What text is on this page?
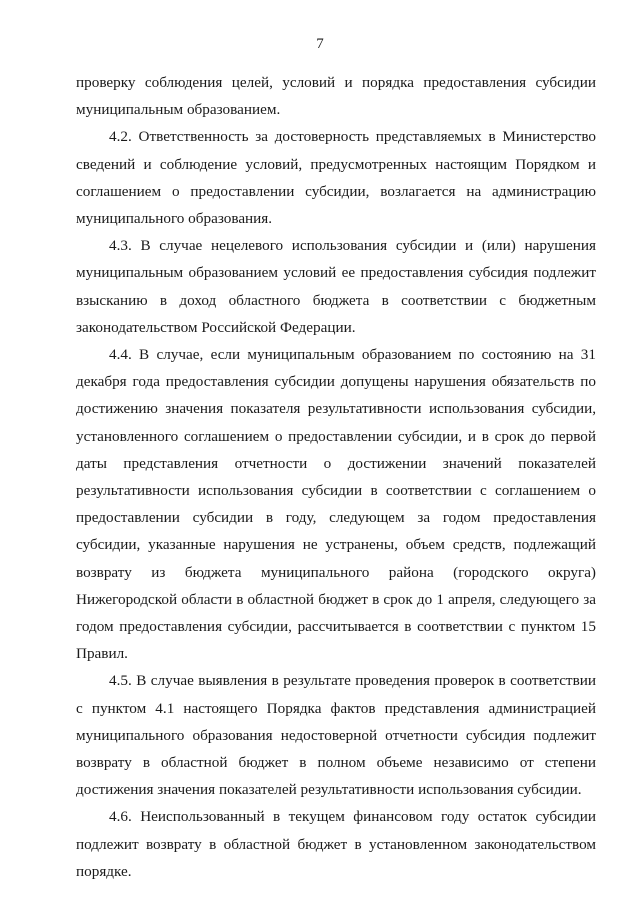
7

проверку соблюдения целей, условий и порядка предоставления субсидии муниципальным образованием.

4.2. Ответственность за достоверность представляемых в Министерство сведений и соблюдение условий, предусмотренных настоящим Порядком и соглашением о предоставлении субсидии, возлагается на администрацию муниципального образования.

4.3. В случае нецелевого использования субсидии и (или) нарушения муниципальным образованием условий ее предоставления субсидия подлежит взысканию в доход областного бюджета в соответствии с бюджетным законодательством Российской Федерации.

4.4. В случае, если муниципальным образованием по состоянию на 31 декабря года предоставления субсидии допущены нарушения обязательств по достижению значения показателя результативности использования субсидии, установленного соглашением о предоставлении субсидии, и в срок до первой даты представления отчетности о достижении значений показателей результативности использования субсидии в соответствии с соглашением о предоставлении субсидии в году, следующем за годом предоставления субсидии, указанные нарушения не устранены, объем средств, подлежащий возврату из бюджета муниципального района (городского округа) Нижегородской области в областной бюджет в срок до 1 апреля, следующего за годом предоставления субсидии, рассчитывается в соответствии с пунктом 15 Правил.

4.5. В случае выявления в результате проведения проверок в соответствии с пунктом 4.1 настоящего Порядка фактов представления администрацией муниципального образования недостоверной отчетности субсидия подлежит возврату в областной бюджет в полном объеме независимо от степени достижения значения показателей результативности использования субсидии.

4.6. Неиспользованный в текущем финансовом году остаток субсидии подлежит возврату в областной бюджет в установленном законодательством порядке.
